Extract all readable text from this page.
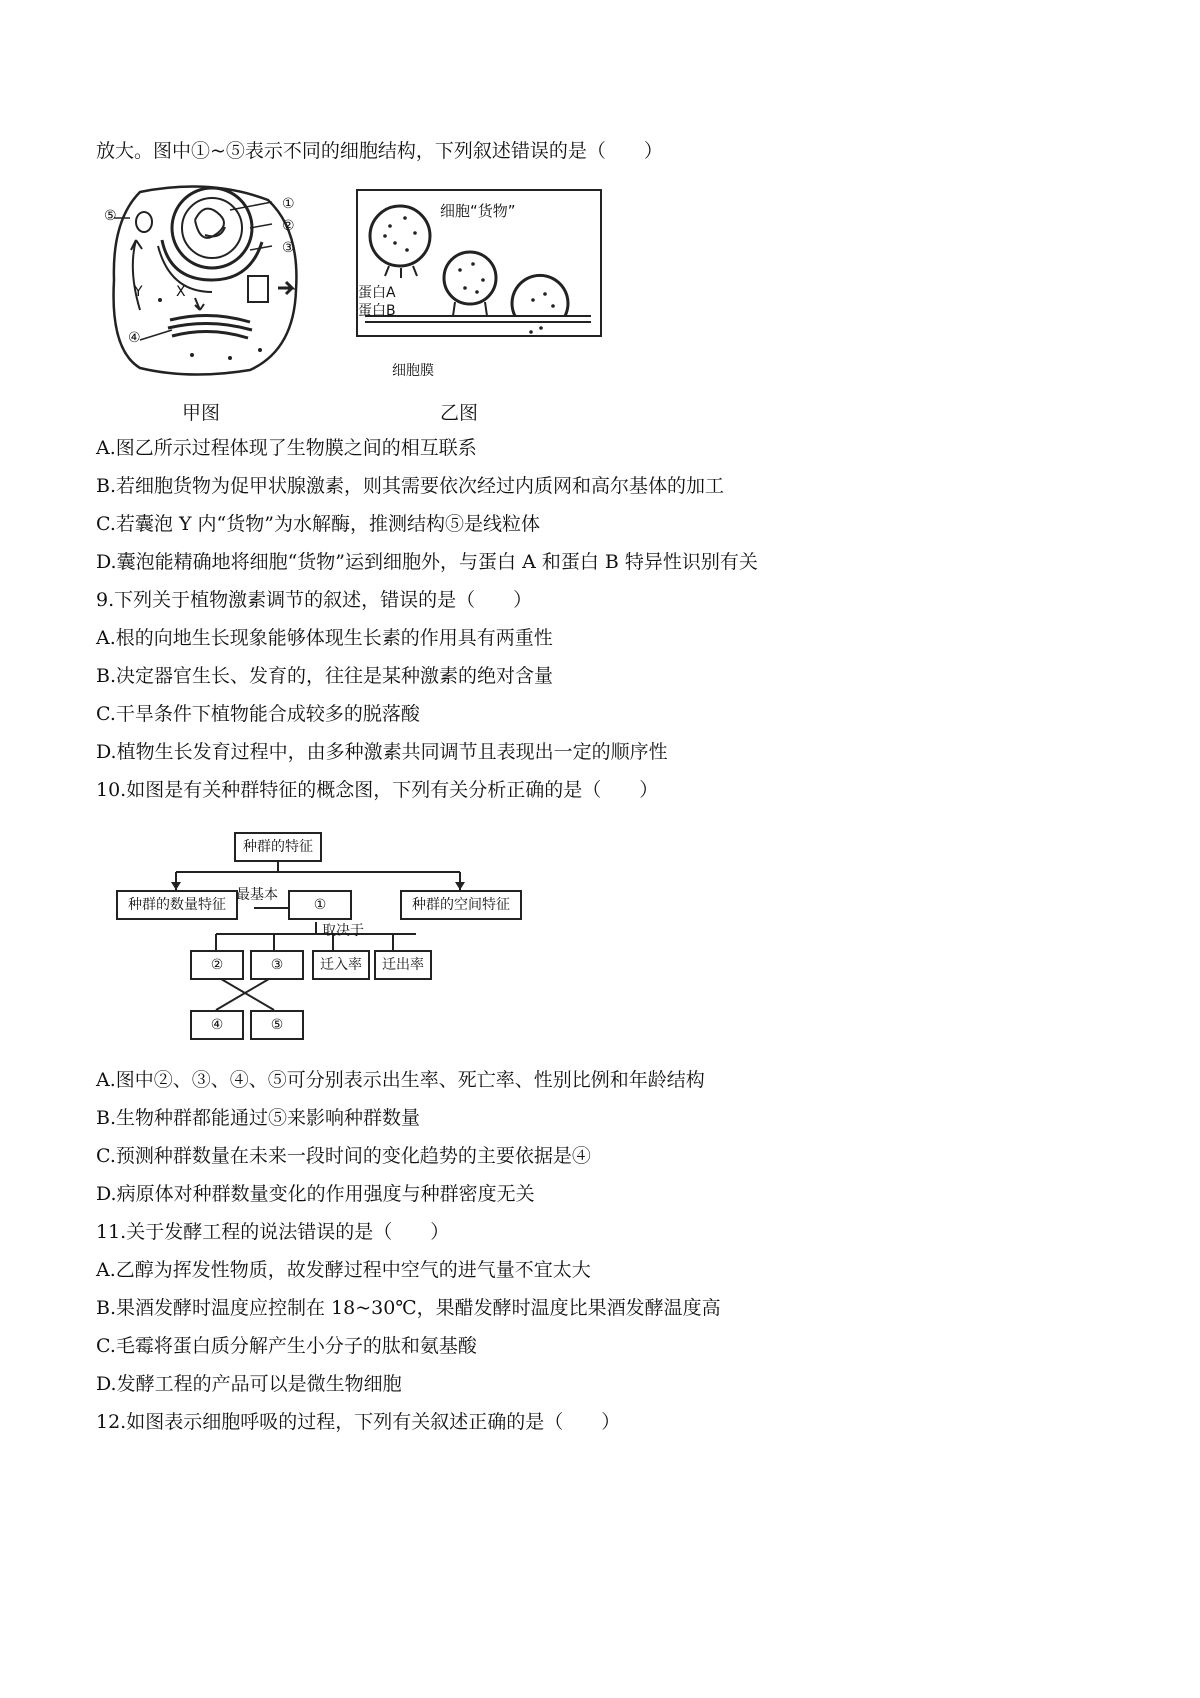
放大。图中①~⑤表示不同的细胞结构，下列叙述错误的是（　　）
①
②
③
④
⑤
X
Y
甲图
细胞“货物”
蛋白A
蛋白B
细胞膜
乙图
A.图乙所示过程体现了生物膜之间的相互联系
B.若细胞货物为促甲状腺激素，则其需要依次经过内质网和高尔基体的加工
C.若囊泡 Y 内“货物”为水解酶，推测结构⑤是线粒体
D.囊泡能精确地将细胞“货物”运到细胞外，与蛋白 A 和蛋白 B 特异性识别有关
9.下列关于植物激素调节的叙述，错误的是（　　）
A.根的向地生长现象能够体现生长素的作用具有两重性
B.决定器官生长、发育的，往往是某种激素的绝对含量
C.干旱条件下植物能合成较多的脱落酸
D.植物生长发育过程中，由多种激素共同调节且表现出一定的顺序性
10.如图是有关种群特征的概念图，下列有关分析正确的是（　　）
种群的特征
种群的数量特征
最基本
①	种群的空间特征
取决于
②	③	迁入率	迁出率
④	⑤
A.图中②、③、④、⑤可分别表示出生率、死亡率、性别比例和年龄结构
B.生物种群都能通过⑤来影响种群数量
C.预测种群数量在未来一段时间的变化趋势的主要依据是④
D.病原体对种群数量变化的作用强度与种群密度无关
11.关于发酵工程的说法错误的是（　　）
A.乙醇为挥发性物质，故发酵过程中空气的进气量不宜太大
B.果酒发酵时温度应控制在 18~30℃，果醋发酵时温度比果酒发酵温度高
C.毛霉将蛋白质分解产生小分子的肽和氨基酸
D.发酵工程的产品可以是微生物细胞
12.如图表示细胞呼吸的过程，下列有关叙述正确的是（　　）
